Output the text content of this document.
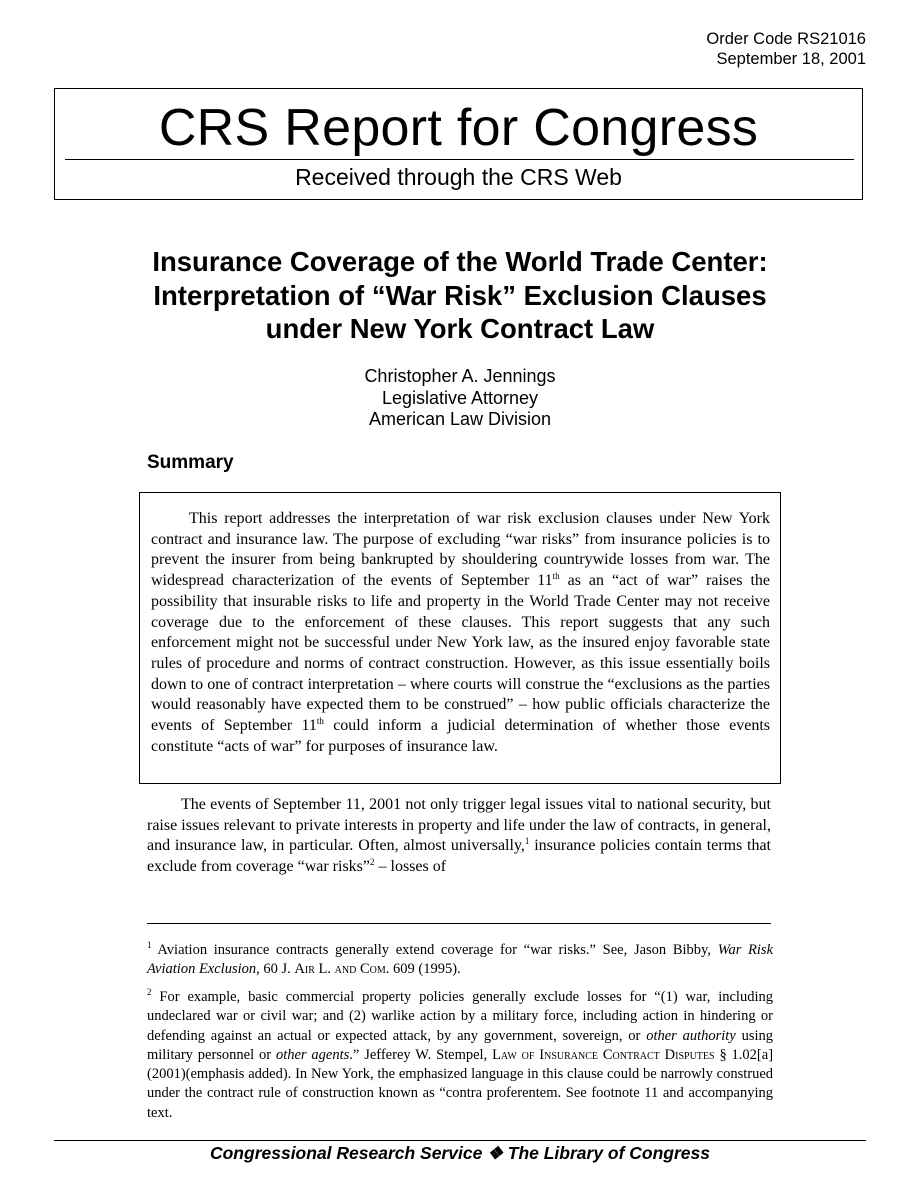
Order Code RS21016
September 18, 2001
CRS Report for Congress
Received through the CRS Web
Insurance Coverage of the World Trade Center: Interpretation of “War Risk” Exclusion Clauses under New York Contract Law
Christopher A. Jennings
Legislative Attorney
American Law Division
Summary

This report addresses the interpretation of war risk exclusion clauses under New York contract and insurance law. The purpose of excluding “war risks” from insurance policies is to prevent the insurer from being bankrupted by shouldering countrywide losses from war. The widespread characterization of the events of September 11th as an “act of war” raises the possibility that insurable risks to life and property in the World Trade Center may not receive coverage due to the enforcement of these clauses. This report suggests that any such enforcement might not be successful under New York law, as the insured enjoy favorable state rules of procedure and norms of contract construction. However, as this issue essentially boils down to one of contract interpretation – where courts will construe the “exclusions as the parties would reasonably have expected them to be construed” – how public officials characterize the events of September 11th could inform a judicial determination of whether those events constitute “acts of war” for purposes of insurance law.

The events of September 11, 2001 not only trigger legal issues vital to national security, but raise issues relevant to private interests in property and life under the law of contracts, in general, and insurance law, in particular. Often, almost universally,$^1$ insurance policies contain terms that exclude from coverage “war risks”$^2$ – losses of

$^1$ Aviation insurance contracts generally extend coverage for “war risks.” See, Jason Bibby, War Risk Aviation Exclusion, 60 J. Air L. and Com. 609 (1995).

$^2$ For example, basic commercial property policies generally exclude losses for “(1) war, including undeclared war or civil war; and (2) warlike action by a military force, including action in hindering or defending against an actual or expected attack, by any government, sovereign, or other authority using military personnel or other agents.” Jefferey W. Stempel, Law of Insurance Contract Disputes § 1.02[a] (2001)(emphasis added). In New York, the emphasized language in this clause could be narrowly construed under the contract rule of construction known as “contra proferentem. See footnote 11 and accompanying text.

Congressional Research Service ❖ The Library of Congress
